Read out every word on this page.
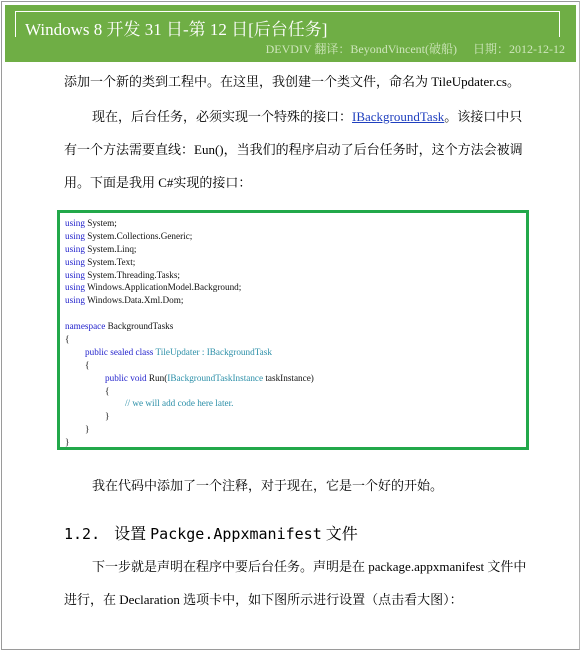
Windows 8 开发 31 日-第 12 日[后台任务]
DEVDIV 翻译：BeyondVincent(破船) 日期：2012-12-12
添加一个新的类到工程中。在这里，我创建一个类文件，命名为 TileUpdater.cs。
现在，后台任务，必须实现一个特殊的接口：IBackgroundTask。该接口中只
有一个方法需要直线：Eun()，当我们的程序启动了后台任务时，这个方法会被调
用。下面是我用 C#实现的接口：
using System;
using System.Collections.Generic;
using System.Linq;
using System.Text;
using System.Threading.Tasks;
using Windows.ApplicationModel.Background;
using Windows.Data.Xml.Dom;

namespace BackgroundTasks
{
public sealed class TileUpdater : IBackgroundTask
{
public void Run(IBackgroundTaskInstance taskInstance)
{
// we will add code here later.
}
}
}
我在代码中添加了一个注释，对于现在，它是一个好的开始。
1.2. 设置 Packge.Appxmanifest 文件
下一步就是声明在程序中要后台任务。声明是在 package.appxmanifest 文件中
进行，在 Declaration 选项卡中，如下图所示进行设置（点击看大图）：
